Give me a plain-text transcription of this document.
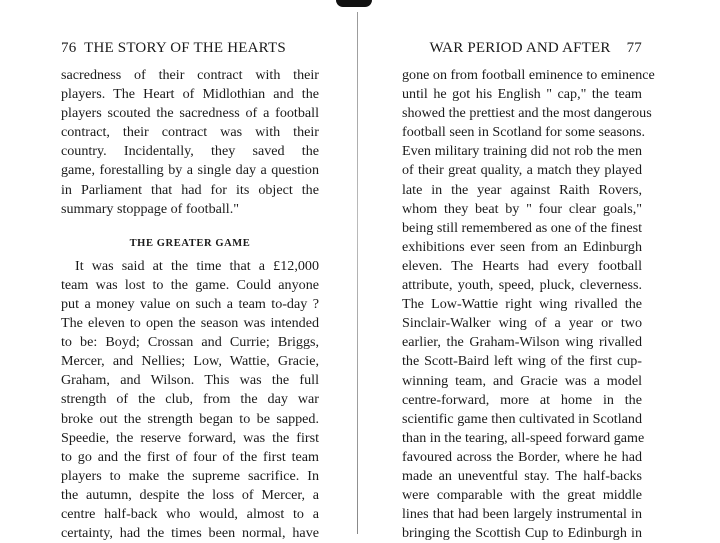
76 THE STORY OF THE HEARTS
sacredness of their contract with their
players. The Heart of Midlothian and the
players scouted the sacredness of a football
contract, their contract was with their
country. Incidentally, they saved the
game, forestalling by a single day a question
in Parliament that had for its object the
summary stoppage of football."
THE GREATER GAME
It was said at the time that a £12,000
team was lost to the game. Could anyone
put a money value on such a team to-day ?
The eleven to open the season was intended
to be: Boyd; Crossan and Currie; Briggs,
Mercer, and Nellies; Low, Wattie, Gracie,
Graham, and Wilson. This was the full
strength of the club, from the day war
broke out the strength began to be sapped.
Speedie, the reserve forward, was the first
to go and the first of four of the first team
players to make the supreme sacrifice. In
the autumn, despite the loss of Mercer, a
centre half-back who would, almost to a
certainty, had the times been normal, have
WAR PERIOD AND AFTER 77
gone on from football eminence to eminence
until he got his English " cap," the team
showed the prettiest and the most dangerous
football seen in Scotland for some seasons.
Even military training did not rob the men
of their great quality, a match they played
late in the year against Raith Rovers,
whom they beat by " four clear goals,"
being still remembered as one of the finest
exhibitions ever seen from an Edinburgh
eleven. The Hearts had every football
attribute, youth, speed, pluck, cleverness.
The Low-Wattie right wing rivalled the
Sinclair-Walker wing of a year or two
earlier, the Graham-Wilson wing rivalled
the Scott-Baird left wing of the first cup-
winning team, and Gracie was a model
centre-forward, more at home in the
scientific game then cultivated in Scotland
than in the tearing, all-speed forward game
favoured across the Border, where he had
made an uneventful stay. The half-backs
were comparable with the great middle
lines that had been largely instrumental in
bringing the Scottish Cup to Edinburgh in
